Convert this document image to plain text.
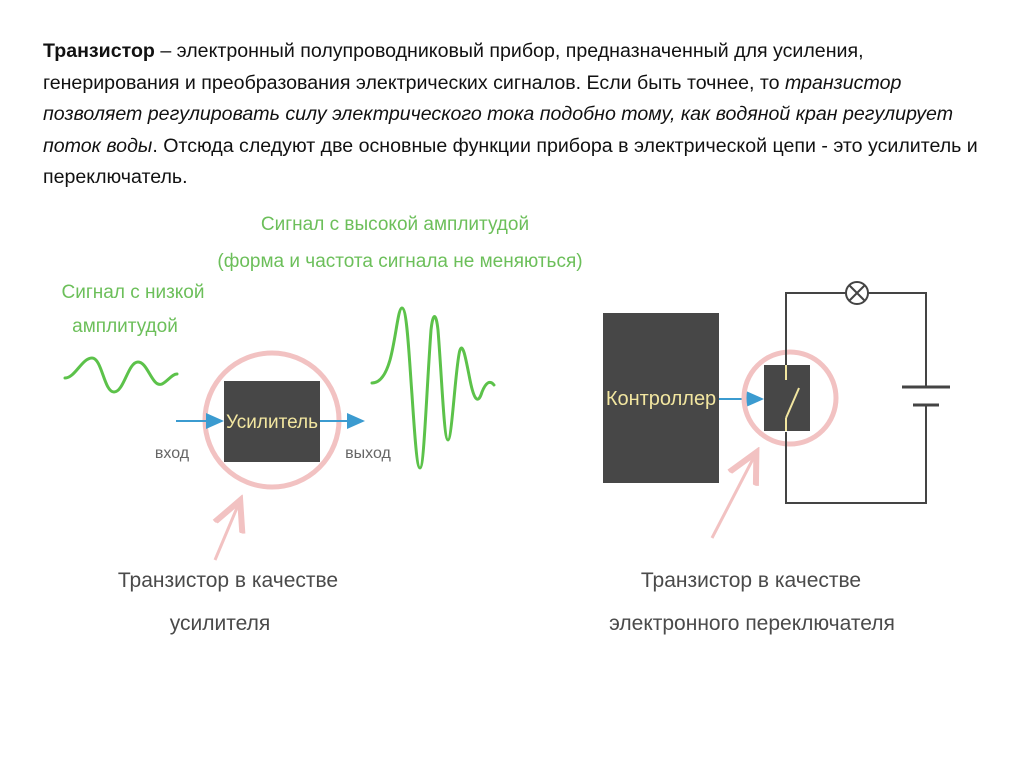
Транзистор – электронный полупроводниковый прибор, предназначенный для усиления, генерирования и преобразования электрических сигналов. Если быть точнее, то транзистор позволяет регулировать силу электрического тока подобно тому, как водяной кран регулирует поток воды. Отсюда следуют две основные функции прибора в электрической цепи - это усилитель и переключатель.
Сигнал с высокой амплитудой
(форма и частота сигнала не меняються)
Сигнал с низкой
амплитудой
Усилитель
вход	выход
Транзистор в качестве
усилителя
Контроллер
Транзистор в качестве
электронного переключателя
